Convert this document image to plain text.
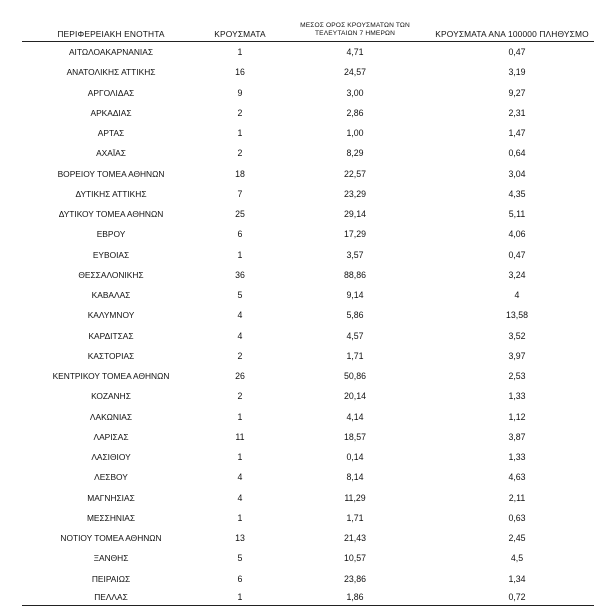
ΠΕΡΙΦΕΡΕΙΑΚΗ ΕΝΟΤΗΤΑ	ΚΡΟΥΣΜΑΤΑ	ΜΕΣΟΣ ΟΡΟΣ ΚΡΟΥΣΜΑΤΩΝ ΤΩΝ
ΤΕΛΕΥΤΑΙΩΝ 7 ΗΜΕΡΩΝ	ΚΡΟΥΣΜΑΤΑ ΑΝΑ 100000 ΠΛΗΘΥΣΜΟ
ΑΙΤΩΛΟΑΚΑΡΝΑΝΙΑΣ	1	4,71	0,47
ΑΝΑΤΟΛΙΚΗΣ ΑΤΤΙΚΗΣ	16	24,57	3,19
ΑΡΓΟΛΙΔΑΣ	9	3,00	9,27
ΑΡΚΑΔΙΑΣ	2	2,86	2,31
ΑΡΤΑΣ	1	1,00	1,47
ΑΧΑΪΑΣ	2	8,29	0,64
ΒΟΡΕΙΟΥ ΤΟΜΕΑ ΑΘΗΝΩΝ	18	22,57	3,04
ΔΥΤΙΚΗΣ ΑΤΤΙΚΗΣ	7	23,29	4,35
ΔΥΤΙΚΟΥ ΤΟΜΕΑ ΑΘΗΝΩΝ	25	29,14	5,11
ΕΒΡΟΥ	6	17,29	4,06
ΕΥΒΟΙΑΣ	1	3,57	0,47
ΘΕΣΣΑΛΟΝΙΚΗΣ	36	88,86	3,24
ΚΑΒΑΛΑΣ	5	9,14	4
ΚΑΛΥΜΝΟΥ	4	5,86	13,58
ΚΑΡΔΙΤΣΑΣ	4	4,57	3,52
ΚΑΣΤΟΡΙΑΣ	2	1,71	3,97
ΚΕΝΤΡΙΚΟΥ ΤΟΜΕΑ ΑΘΗΝΩΝ	26	50,86	2,53
ΚΟΖΑΝΗΣ	2	20,14	1,33
ΛΑΚΩΝΙΑΣ	1	4,14	1,12
ΛΑΡΙΣΑΣ	11	18,57	3,87
ΛΑΣΙΘΙΟΥ	1	0,14	1,33
ΛΕΣΒΟΥ	4	8,14	4,63
ΜΑΓΝΗΣΙΑΣ	4	11,29	2,11
ΜΕΣΣΗΝΙΑΣ	1	1,71	0,63
ΝΟΤΙΟΥ ΤΟΜΕΑ ΑΘΗΝΩΝ	13	21,43	2,45
ΞΑΝΘΗΣ	5	10,57	4,5
ΠΕΙΡΑΙΩΣ	6	23,86	1,34
ΠΕΛΛΑΣ	1	1,86	0,72
